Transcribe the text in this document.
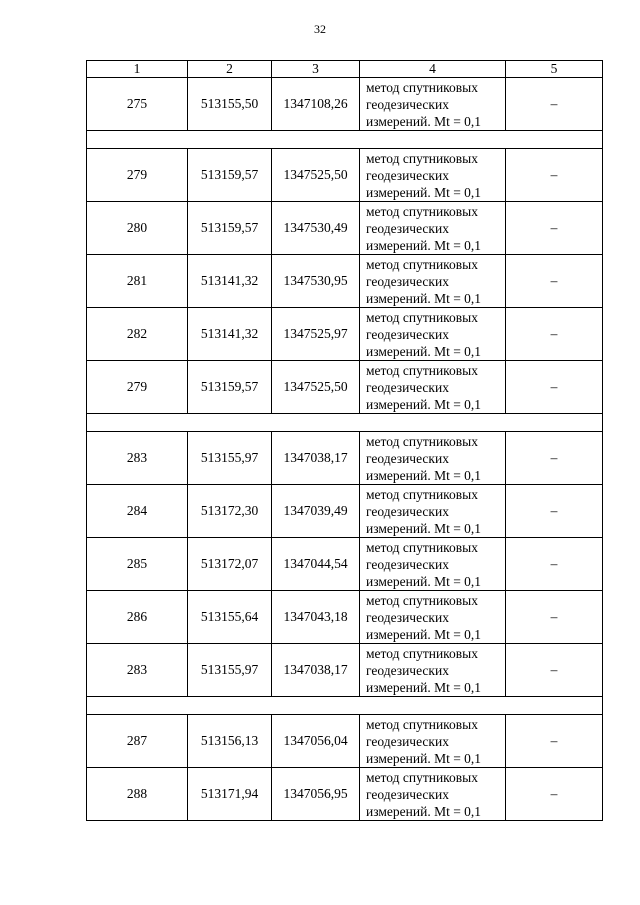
32
1	2	3	4	5
275	513155,50	1347108,26	метод спутниковых
геодезических
измерений. Mt = 0,1	–

279	513159,57	1347525,50	метод спутниковых
геодезических
измерений. Mt = 0,1	–
280	513159,57	1347530,49	метод спутниковых
геодезических
измерений. Mt = 0,1	–
281	513141,32	1347530,95	метод спутниковых
геодезических
измерений. Mt = 0,1	–
282	513141,32	1347525,97	метод спутниковых
геодезических
измерений. Mt = 0,1	–
279	513159,57	1347525,50	метод спутниковых
геодезических
измерений. Mt = 0,1	–

283	513155,97	1347038,17	метод спутниковых
геодезических
измерений. Mt = 0,1	–
284	513172,30	1347039,49	метод спутниковых
геодезических
измерений. Mt = 0,1	–
285	513172,07	1347044,54	метод спутниковых
геодезических
измерений. Mt = 0,1	–
286	513155,64	1347043,18	метод спутниковых
геодезических
измерений. Mt = 0,1	–
283	513155,97	1347038,17	метод спутниковых
геодезических
измерений. Mt = 0,1	–

287	513156,13	1347056,04	метод спутниковых
геодезических
измерений. Mt = 0,1	–
288	513171,94	1347056,95	метод спутниковых
геодезических
измерений. Mt = 0,1	–
